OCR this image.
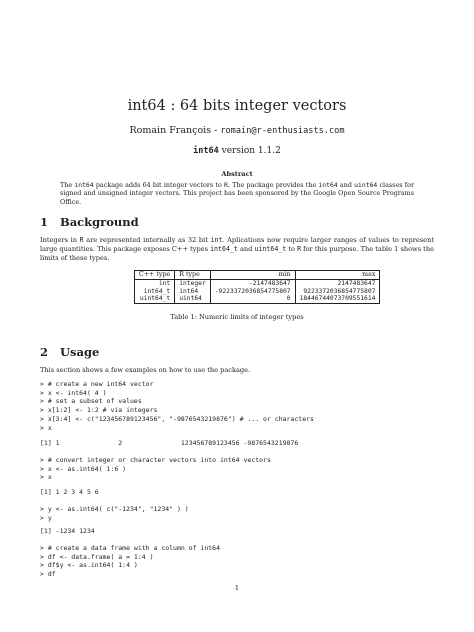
int64 : 64 bits integer vectors
Romain François - romain@r-enthusiasts.com
int64 version 1.1.2
Abstract
The int64 package adds 64 bit integer vectors to R. The package provides the int64 and uint64 classes for signed and unsigned integer vectors. This project has been sponsored by the Google Open Source Programs Office.
1 Background
Integers in R are represented internally as 32 bit int. Aplications now require larger ranges of values to represent large quantities. This package exposes C++ types int64_t and uint64_t to R for this purpose. The table 1 shows the limits of these types.
C++ type	R type	min	max
int	integer	-2147483647	2147483647
int64_t	int64	-9223372036854775807	9223372036854775807
uint64_t	uint64	0	18446744073709551614
Table 1: Numeric limits of integer types
2 Usage
This section shows a few examples on how to use the package.
> # create a new int64 vector
> x <- int64( 4 )
> # set a subset of values
> x[1:2] <- 1:2 # via integers
> x[3:4] <- c("123456789123456", "-9876543219876") # ... or characters
> x
[1] 1               2               123456789123456 -9876543219876
> # convert integer or character vectors into int64 vectors
> x <- as.int64( 1:6 )
> x
[1] 1 2 3 4 5 6
> y <- as.int64( c("-1234", "1234" ) )
> y
[1] -1234 1234
> # create a data frame with a column of int64
> df <- data.frame( a = 1:4 )
> df$y <- as.int64( 1:4 )
> df
1
